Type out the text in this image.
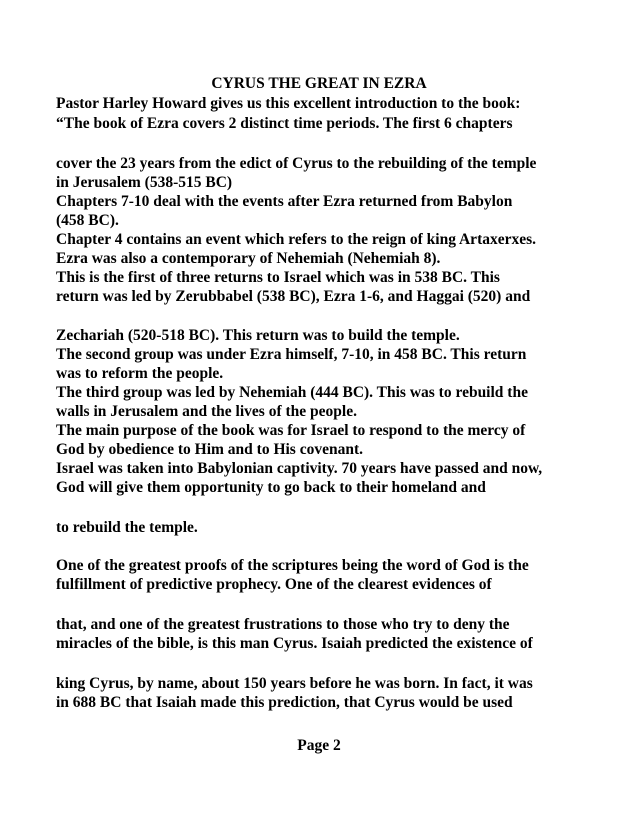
CYRUS THE GREAT IN EZRA
Pastor Harley Howard gives us this excellent introduction to the book:
“The book of Ezra covers 2 distinct time periods. The first 6 chapters
cover the 23 years from the edict of Cyrus to the rebuilding of the temple
in Jerusalem (538-515 BC)
Chapters 7-10 deal with the events after Ezra returned from Babylon
(458 BC).
Chapter 4 contains an event which refers to the reign of king Artaxerxes.
Ezra was also a contemporary of Nehemiah (Nehemiah 8).
This is the first of three returns to Israel which was in 538 BC. This
return was led by Zerubbabel (538 BC), Ezra 1-6, and Haggai (520) and
Zechariah (520-518 BC). This return was to build the temple.
The second group was under Ezra himself, 7-10, in 458 BC. This return
was to reform the people.
The third group was led by Nehemiah (444 BC). This was to rebuild the
walls in Jerusalem and the lives of the people.
The main purpose of the book was for Israel to respond to the mercy of
God by obedience to Him and to His covenant.
Israel was taken into Babylonian captivity. 70 years have passed and now,
God will give them opportunity to go back to their homeland and
to rebuild the temple.
One of the greatest proofs of the scriptures being the word of God is the
fulfillment of predictive prophecy. One of the clearest evidences of
that, and one of the greatest frustrations to those who try to deny the
miracles of the bible, is this man Cyrus. Isaiah predicted the existence of
king Cyrus, by name, about 150 years before he was born. In fact, it was
in 688 BC that Isaiah made this prediction, that Cyrus would be used
Page 2
